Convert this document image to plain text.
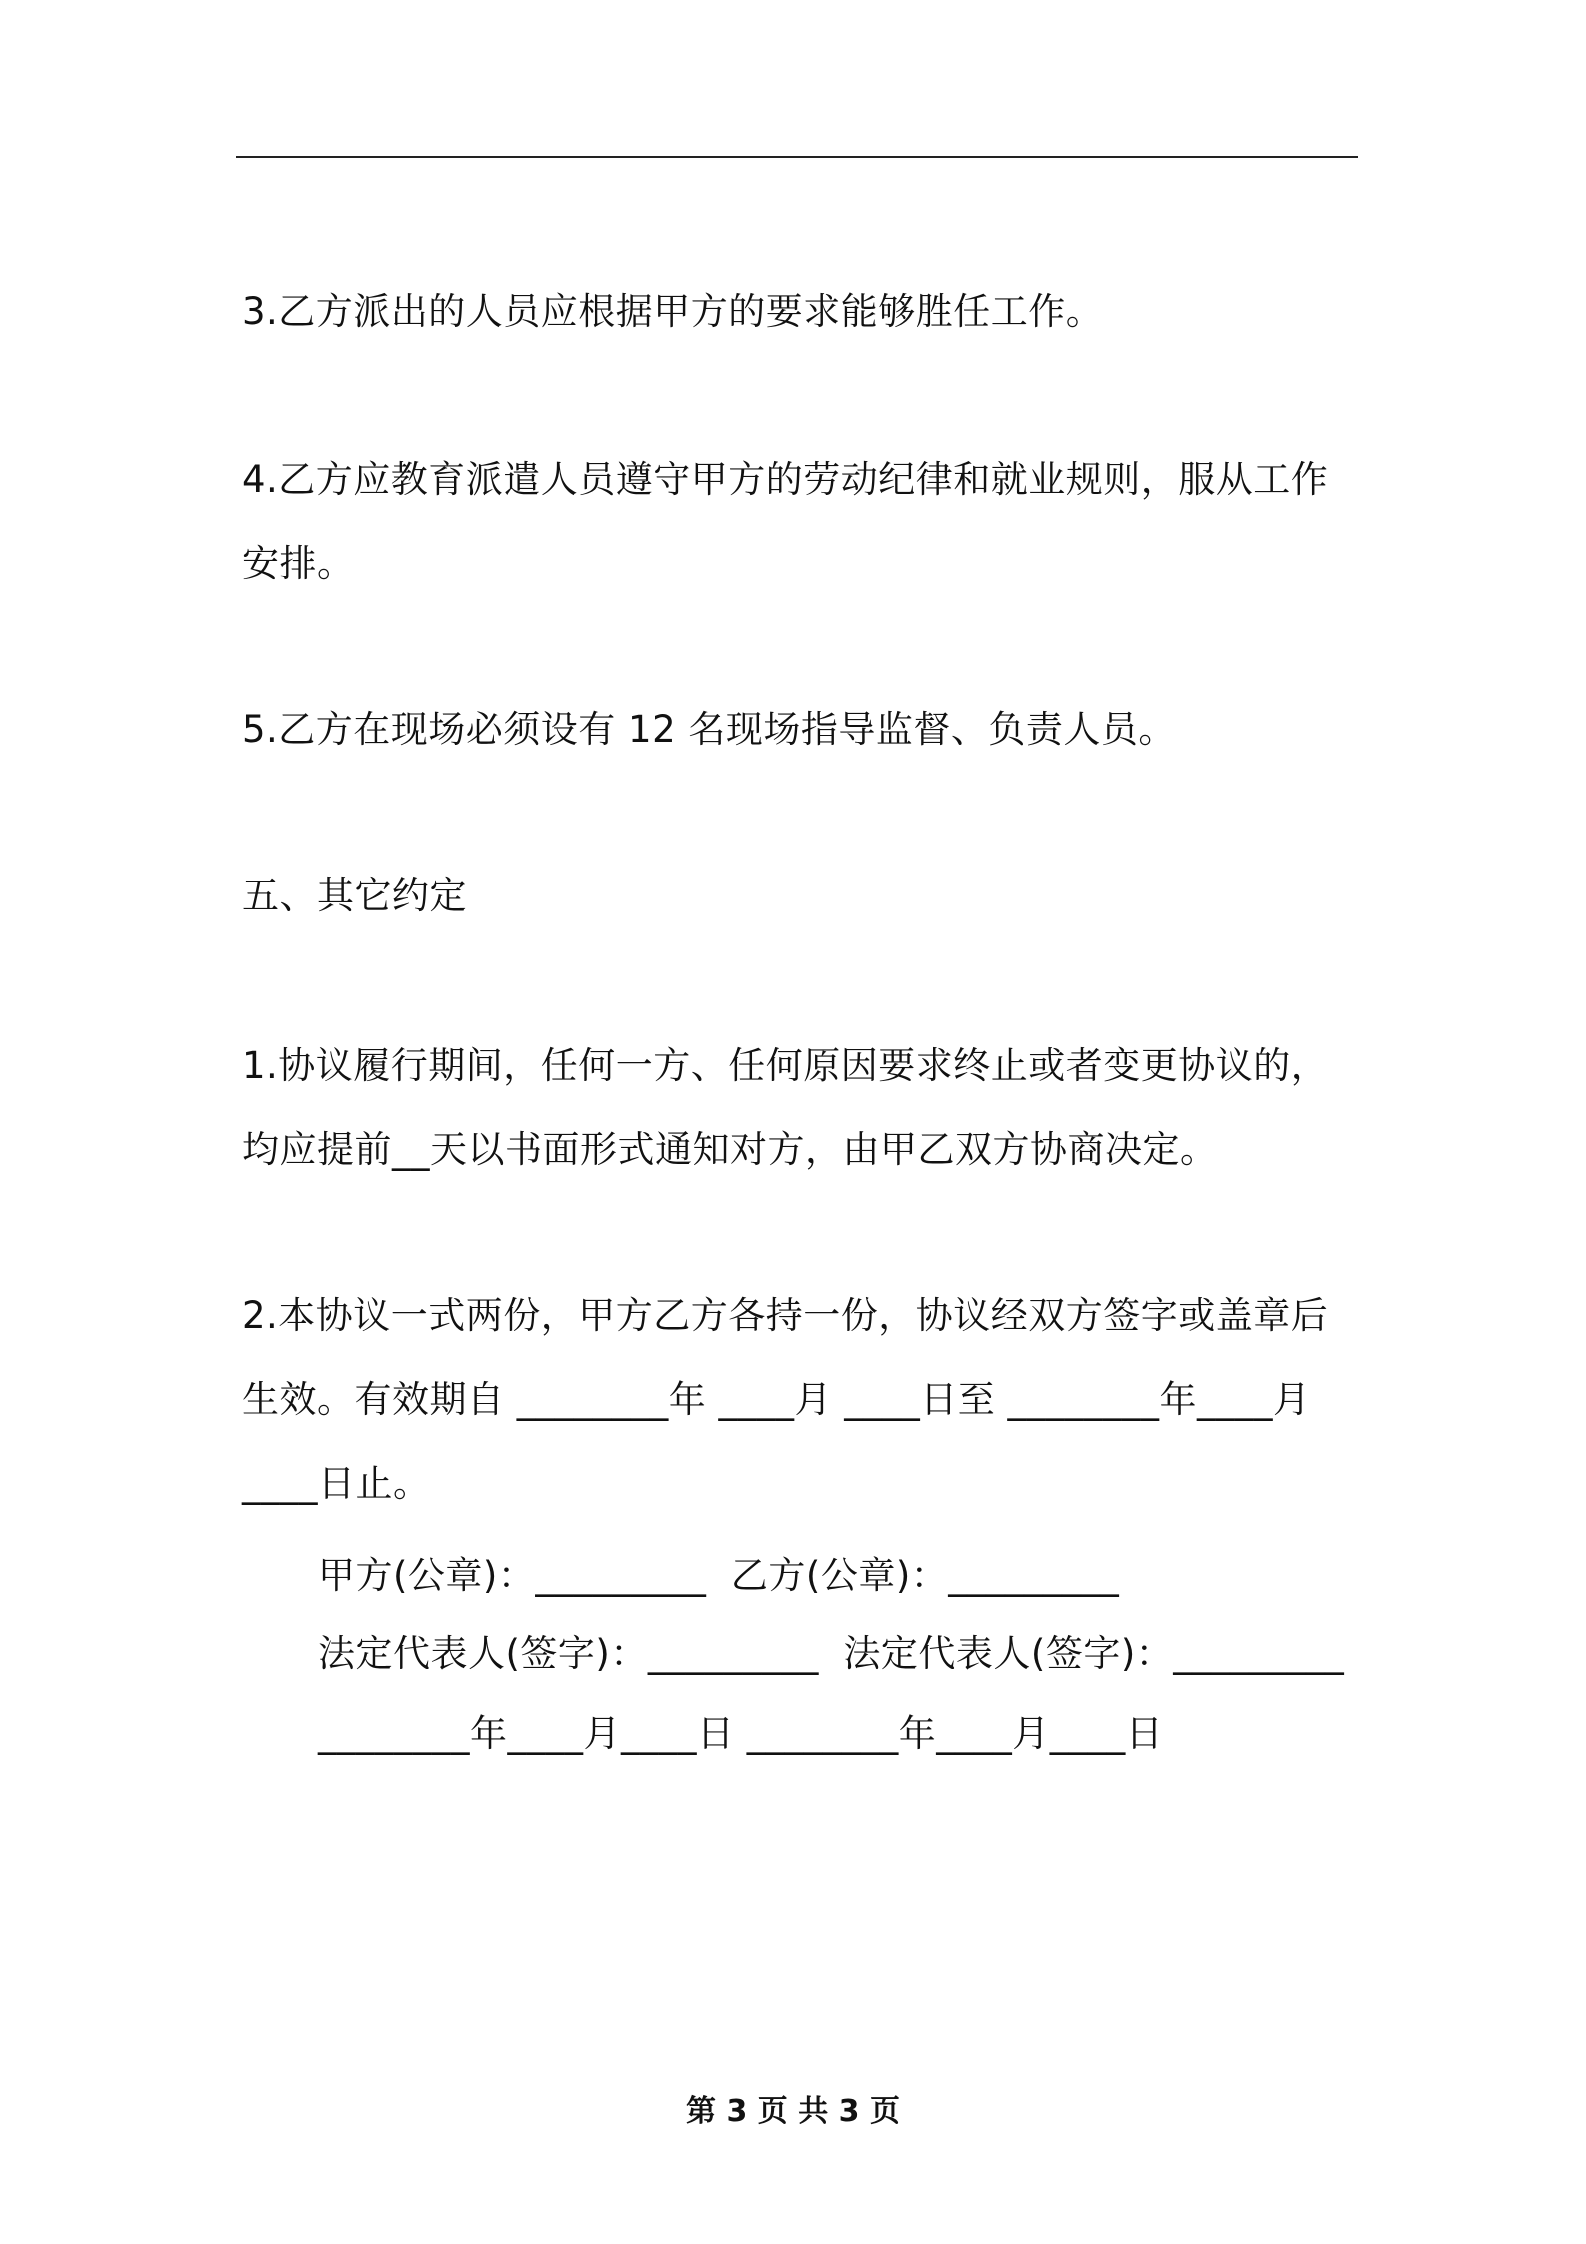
3.乙方派出的人员应根据甲方的要求能够胜任工作。

4.乙方应教育派遣人员遵守甲方的劳动纪律和就业规则，服从工作安排。

5.乙方在现场必须设有 12 名现场指导监督、负责人员。

五、其它约定

1.协议履行期间，任何一方、任何原因要求终止或者变更协议的，均应提前__天以书面形式通知对方，由甲乙双方协商决定。

2.本协议一式两份，甲方乙方各持一份，协议经双方签字或盖章后生效。有效期自 ________年 ____月 ____日至 ________年____月____日止。

甲方(公章)：_________  乙方(公章)：_________

法定代表人(签字)：_________  法定代表人(签字)：_________

________年____月____日 ________年____月____日

第 3 页 共 3 页
